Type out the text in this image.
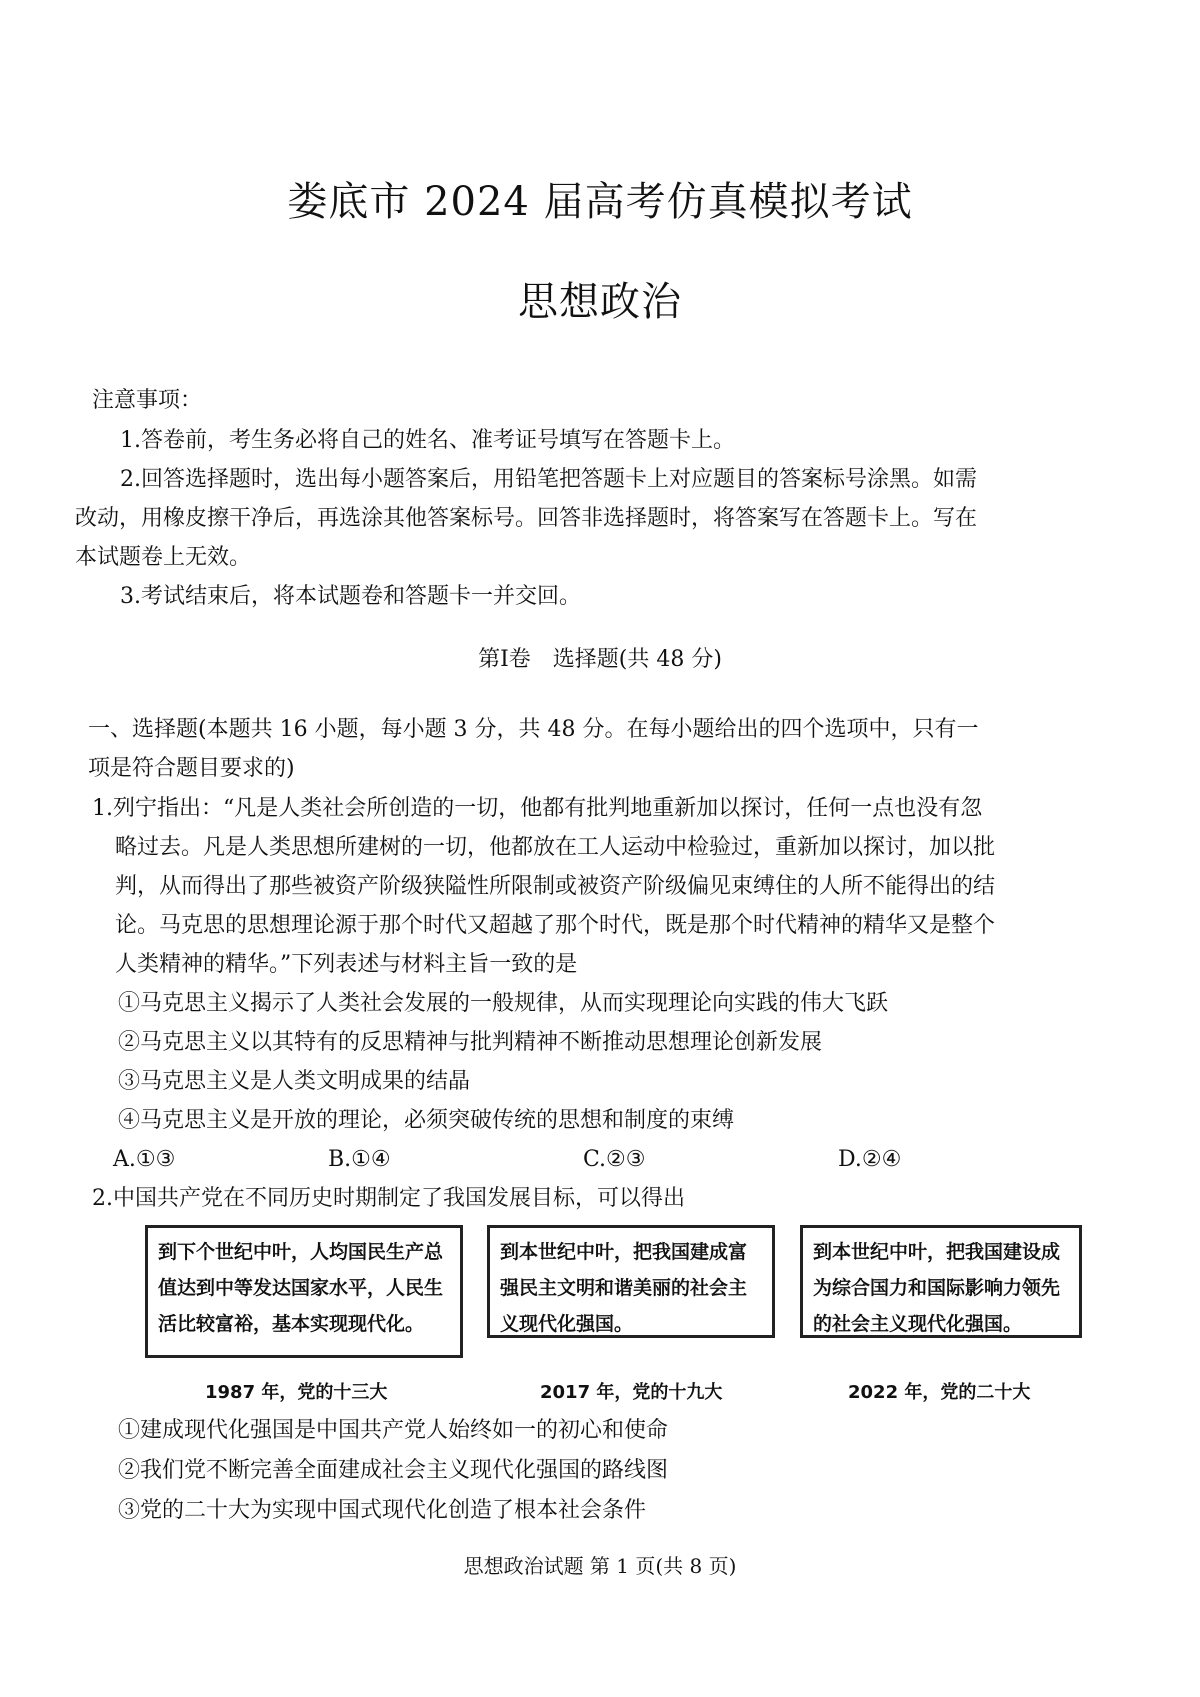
娄底市 2024 届高考仿真模拟考试
思想政治
注意事项：
1.答卷前，考生务必将自己的姓名、准考证号填写在答题卡上。
2.回答选择题时，选出每小题答案后，用铅笔把答题卡上对应题目的答案标号涂黑。如需
改动，用橡皮擦干净后，再选涂其他答案标号。回答非选择题时，将答案写在答题卡上。写在
本试题卷上无效。
3.考试结束后，将本试题卷和答题卡一并交回。
第Ⅰ卷　选择题(共 48 分)
一、选择题(本题共 16 小题，每小题 3 分，共 48 分。在每小题给出的四个选项中，只有一
项是符合题目要求的)
1.列宁指出：“凡是人类社会所创造的一切，他都有批判地重新加以探讨，任何一点也没有忽
略过去。凡是人类思想所建树的一切，他都放在工人运动中检验过，重新加以探讨，加以批
判，从而得出了那些被资产阶级狭隘性所限制或被资产阶级偏见束缚住的人所不能得出的结
论。马克思的思想理论源于那个时代又超越了那个时代，既是那个时代精神的精华又是整个
人类精神的精华。”下列表述与材料主旨一致的是
①马克思主义揭示了人类社会发展的一般规律，从而实现理论向实践的伟大飞跃
②马克思主义以其特有的反思精神与批判精神不断推动思想理论创新发展
③马克思主义是人类文明成果的结晶
④马克思主义是开放的理论，必须突破传统的思想和制度的束缚
A.①③	B.①④	C.②③	D.②④
2.中国共产党在不同历史时期制定了我国发展目标，可以得出
到下个世纪中叶，人均国民生产总值达到中等发达国家水平，人民生活比较富裕，基本实现现代化。
1987 年，党的十三大
到本世纪中叶，把我国建成富强民主文明和谐美丽的社会主义现代化强国。
2017 年，党的十九大
到本世纪中叶，把我国建设成为综合国力和国际影响力领先的社会主义现代化强国。
2022 年，党的二十大
①建成现代化强国是中国共产党人始终如一的初心和使命
②我们党不断完善全面建成社会主义现代化强国的路线图
③党的二十大为实现中国式现代化创造了根本社会条件
思想政治试题 第 1 页(共 8 页)
